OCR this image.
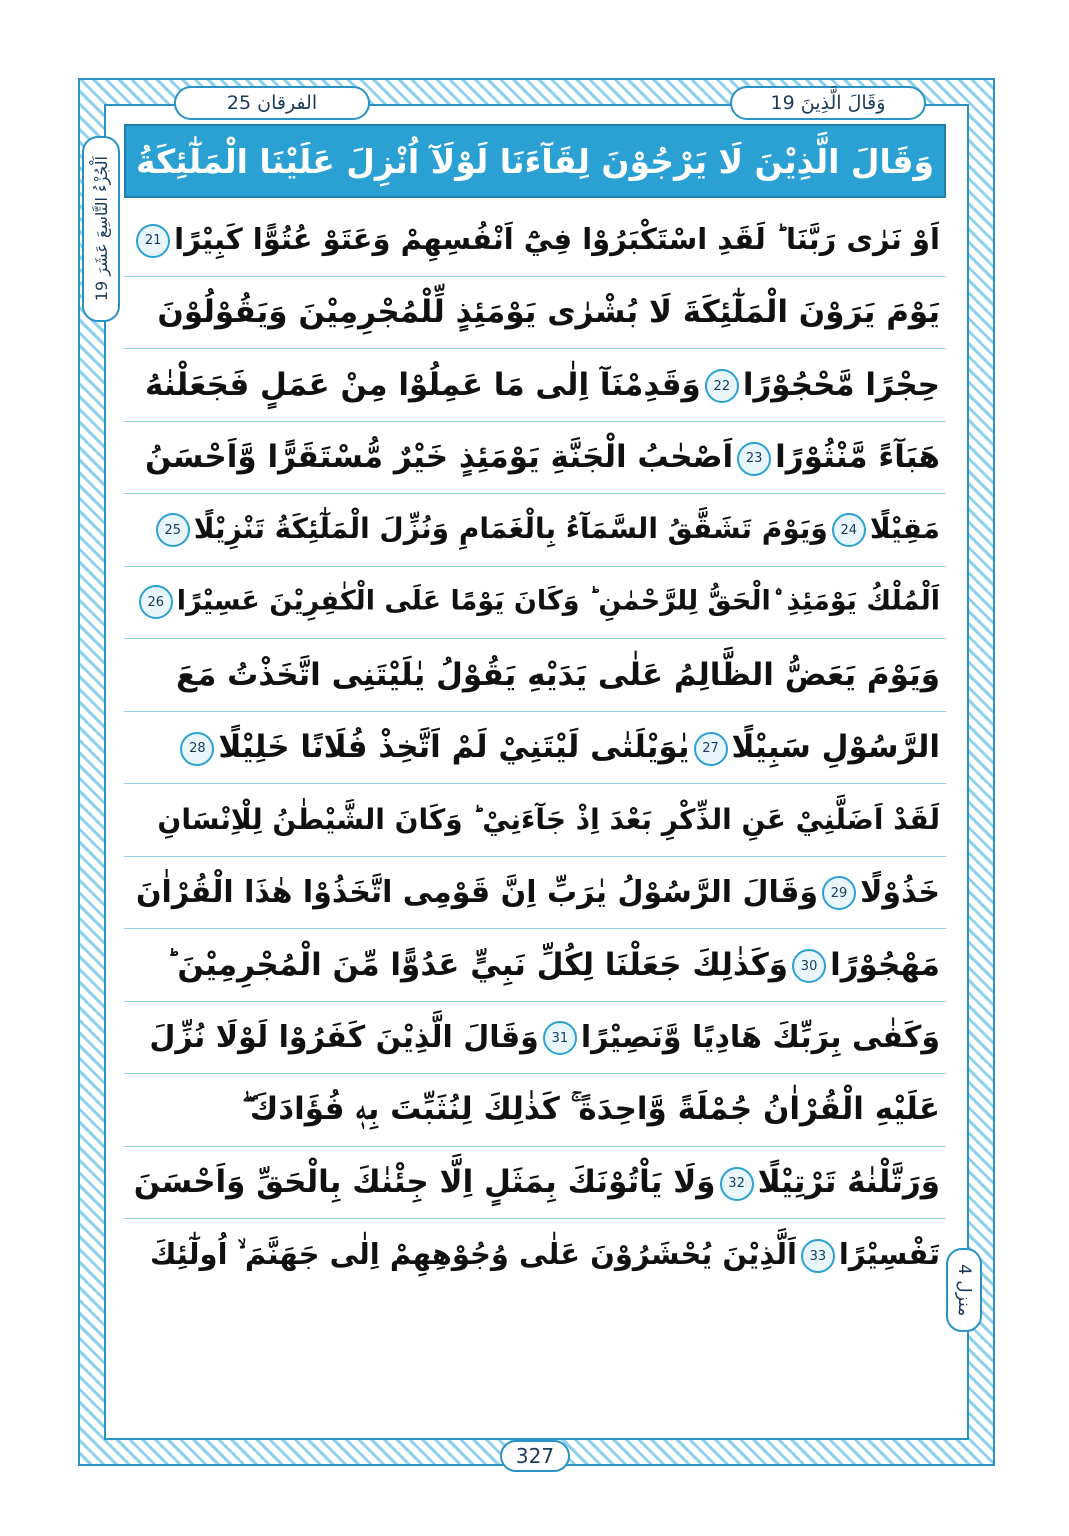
الفرقان 25	وَقَالَ الَّذِينَ 19
وَقَالَ الَّذِيْنَ لَا يَرْجُوْنَ لِقَآءَنَا لَوْلَآ اُنْزِلَ عَلَيْنَا الْمَلٰٓئِكَةُ
اَلْجُزْءُ التَّاسِعَ عَشَرَ 19
منزل 4
اَوْ نَرٰى رَبَّنَا ؕ لَقَدِ اسْتَكْبَرُوْا فِيْٓ اَنْفُسِهِمْ وَعَتَوْ عُتُوًّا كَبِيْرًا21
يَوْمَ يَرَوْنَ الْمَلٰٓئِكَةَ لَا بُشْرٰى يَوْمَئِذٍ لِّلْمُجْرِمِيْنَ وَيَقُوْلُوْنَ
حِجْرًا مَّحْجُوْرًا22وَقَدِمْنَآ اِلٰى مَا عَمِلُوْا مِنْ عَمَلٍ فَجَعَلْنٰهُ
هَبَآءً مَّنْثُوْرًا23اَصْحٰبُ الْجَنَّةِ يَوْمَئِذٍ خَيْرٌ مُّسْتَقَرًّا وَّاَحْسَنُ
مَقِيْلًا24وَيَوْمَ تَشَقَّقُ السَّمَآءُ بِالْغَمَامِ وَنُزِّلَ الْمَلٰٓئِكَةُ تَنْزِيْلًا25
اَلْمُلْكُ يَوْمَئِذِ ۨالْحَقُّ لِلرَّحْمٰنِ ؕ وَكَانَ يَوْمًا عَلَى الْكٰفِرِيْنَ عَسِيْرًا26
وَيَوْمَ يَعَضُّ الظَّالِمُ عَلٰى يَدَيْهِ يَقُوْلُ يٰلَيْتَنِى اتَّخَذْتُ مَعَ
الرَّسُوْلِ سَبِيْلًا27يٰوَيْلَتٰى لَيْتَنِيْ لَمْ اَتَّخِذْ فُلَانًا خَلِيْلًا28
لَقَدْ اَضَلَّنِيْ عَنِ الذِّكْرِ بَعْدَ اِذْ جَآءَنِيْ ؕ وَكَانَ الشَّيْطٰنُ لِلْاِنْسَانِ
خَذُوْلًا29وَقَالَ الرَّسُوْلُ يٰرَبِّ اِنَّ قَوْمِى اتَّخَذُوْا هٰذَا الْقُرْاٰنَ
مَهْجُوْرًا30وَكَذٰلِكَ جَعَلْنَا لِكُلِّ نَبِيٍّ عَدُوًّا مِّنَ الْمُجْرِمِيْنَ ؕ
وَكَفٰى بِرَبِّكَ هَادِيًا وَّنَصِيْرًا31وَقَالَ الَّذِيْنَ كَفَرُوْا لَوْلَا نُزِّلَ
عَلَيْهِ الْقُرْاٰنُ جُمْلَةً وَّاحِدَةً ۚ كَذٰلِكَ لِنُثَبِّتَ بِهٖ فُؤَادَكَ ۖ
وَرَتَّلْنٰهُ تَرْتِيْلًا32وَلَا يَاْتُوْنَكَ بِمَثَلٍ اِلَّا جِئْنٰكَ بِالْحَقِّ وَاَحْسَنَ
تَفْسِيْرًا33اَلَّذِيْنَ يُحْشَرُوْنَ عَلٰى وُجُوْهِهِمْ اِلٰى جَهَنَّمَ ۙ اُولٰٓئِكَ
327
